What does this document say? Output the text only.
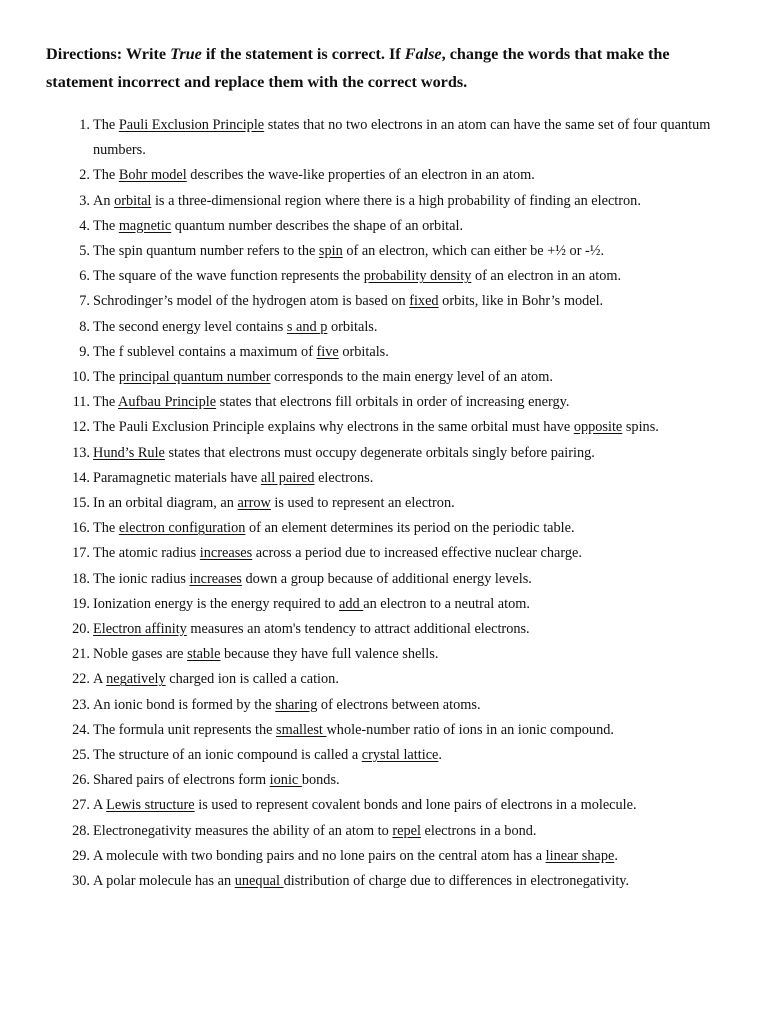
Directions: Write True if the statement is correct. If False, change the words that make the statement incorrect and replace them with the correct words.
1. The Pauli Exclusion Principle states that no two electrons in an atom can have the same set of four quantum numbers.
2. The Bohr model describes the wave-like properties of an electron in an atom.
3. An orbital is a three-dimensional region where there is a high probability of finding an electron.
4. The magnetic quantum number describes the shape of an orbital.
5. The spin quantum number refers to the spin of an electron, which can either be +½ or -½.
6. The square of the wave function represents the probability density of an electron in an atom.
7. Schrodinger’s model of the hydrogen atom is based on fixed orbits, like in Bohr’s model.
8. The second energy level contains s and p orbitals.
9. The f sublevel contains a maximum of five orbitals.
10. The principal quantum number corresponds to the main energy level of an atom.
11. The Aufbau Principle states that electrons fill orbitals in order of increasing energy.
12. The Pauli Exclusion Principle explains why electrons in the same orbital must have opposite spins.
13. Hund’s Rule states that electrons must occupy degenerate orbitals singly before pairing.
14. Paramagnetic materials have all paired electrons.
15. In an orbital diagram, an arrow is used to represent an electron.
16. The electron configuration of an element determines its period on the periodic table.
17. The atomic radius increases across a period due to increased effective nuclear charge.
18. The ionic radius increases down a group because of additional energy levels.
19. Ionization energy is the energy required to add an electron to a neutral atom.
20. Electron affinity measures an atom's tendency to attract additional electrons.
21. Noble gases are stable because they have full valence shells.
22. A negatively charged ion is called a cation.
23. An ionic bond is formed by the sharing of electrons between atoms.
24. The formula unit represents the smallest whole-number ratio of ions in an ionic compound.
25. The structure of an ionic compound is called a crystal lattice.
26. Shared pairs of electrons form ionic bonds.
27. A Lewis structure is used to represent covalent bonds and lone pairs of electrons in a molecule.
28. Electronegativity measures the ability of an atom to repel electrons in a bond.
29. A molecule with two bonding pairs and no lone pairs on the central atom has a linear shape.
30. A polar molecule has an unequal distribution of charge due to differences in electronegativity.
